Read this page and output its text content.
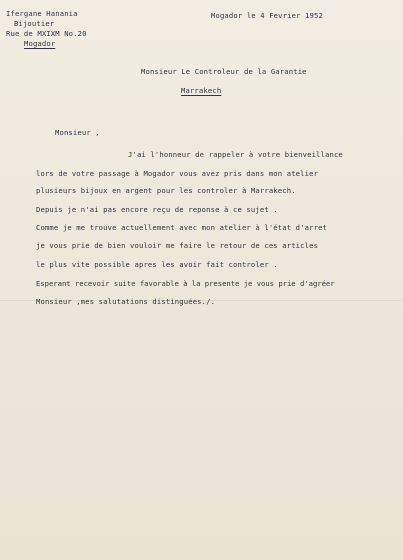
Ifergane Hanania
Bijoutier
Rue de MXIXM No.20
Mogador
Mogador le 4 Fevrier 1952
Monsieur Le Controleur de la Garantie
Marrakech
Monsieur ,
J'ai l'honneur de rappeler à votre bienveillance
lors de votre passage à Mogador vous avez pris dans mon atelier
plusieurs bijoux en argent pour les controler à Marrakech.
Depuis je n'ai pas encore reçu de reponse à ce sujet .
Comme je me trouve actuellement avec mon atelier à l'état d'arret
je vous prie de bien vouloir me faire le retour de ces articles
le plus vite possible apres les avoir fait controler .
Esperant recevoir suite favorable à la presente je vous prie d'agréer
Monsieur ,mes salutations distinguées./.
